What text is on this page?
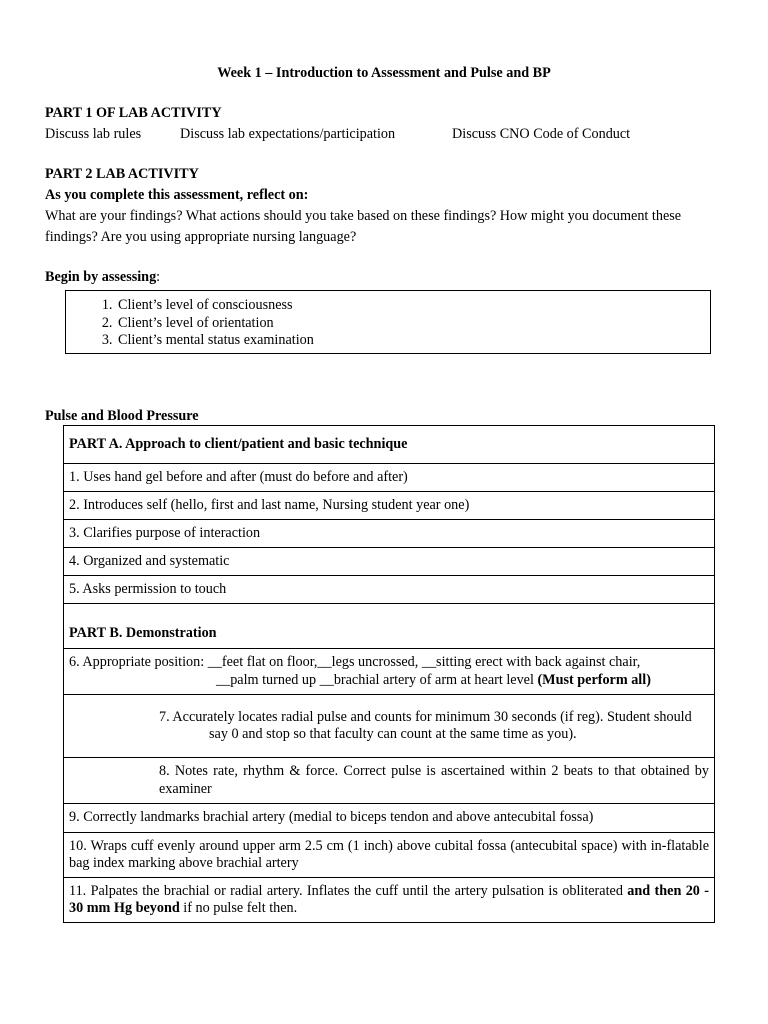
Week 1 – Introduction to Assessment and Pulse and BP
PART 1 OF LAB ACTIVITY
Discuss lab rules	Discuss lab expectations/participation	Discuss CNO Code of Conduct
PART 2 LAB ACTIVITY
As you complete this assessment, reflect on:
What are your findings? What actions should you take based on these findings? How might you document these
findings? Are you using appropriate nursing language?
Begin by assessing:
1. Client’s level of consciousness
2. Client’s level of orientation
3. Client’s mental status examination
Pulse and Blood Pressure
PART A. Approach to client/patient and basic technique
1. Uses hand gel before and after (must do before and after)
2. Introduces self (hello, first and last name, Nursing student year one)
3. Clarifies purpose of interaction
4. Organized and systematic
5. Asks permission to touch
PART B. Demonstration

6. Appropriate position: __feet flat on floor,__legs uncrossed, __sitting erect with back against chair,
__palm turned up __brachial artery of arm at heart level (Must perform all)

7. Accurately locates radial pulse and counts for minimum 30 seconds (if reg). Student should
say 0 and stop so that faculty can count at the same time as you).

8. Notes rate, rhythm & force. Correct pulse is ascertained within 2 beats to that obtained by examiner
9. Correctly landmarks brachial artery (medial to biceps tendon and above antecubital fossa)
10. Wraps cuff evenly around upper arm 2.5 cm (1 inch) above cubital fossa (antecubital space) with in-flatable bag index marking above brachial artery
11. Palpates the brachial or radial artery. Inflates the cuff until the artery pulsation is obliterated and then 20 - 30 mm Hg beyond if no pulse felt then.
